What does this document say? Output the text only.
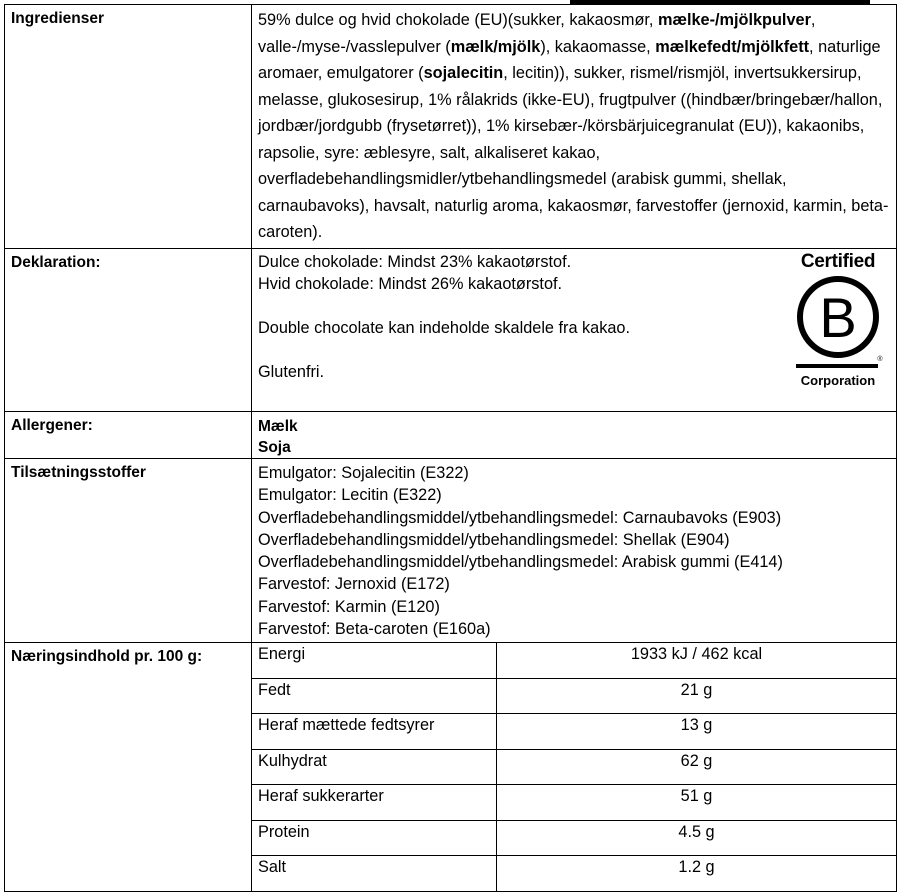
Ingredienser	59% dulce og hvid chokolade (EU)(sukker, kakaosmør, mælke-/mjölkpulver, valle-/myse-/vasslepulver (mælk/mjölk), kakaomasse, mælkefedt/mjölkfett, naturlige aromaer, emulgatorer (sojalecitin, lecitin)), sukker, rismel/rismjöl, invertsukkersirup, melasse, glukosesirup, 1% rålakrids (ikke-EU), frugtpulver ((hindbær/bringebær/hallon, jordbær/jordgubb (frysetørret)), 1% kirsebær-/körsbärjuicegranulat (EU)), kakaonibs, rapsolie, syre: æblesyre, salt, alkaliseret kakao, overfladebehandlingsmidler/ytbehandlingsmedel (arabisk gummi, shellak, carnaubavoks), havsalt, naturlig aroma, kakaosmør, farvestoffer (jernoxid, karmin, beta-caroten).
Deklaration:	Dulce chokolade: Mindst 23% kakaotørstof.

Hvid chokolade: Mindst 26% kakaotørstof.

Double chocolate kan indeholde skaldele fra kakao.

Glutenfri.

Certified
B
®
Corporation

Allergener:	Mælk
Soja

Tilsætningsstoffer	Emulgator: Sojalecitin (E322)
Emulgator: Lecitin (E322)
Overfladebehandlingsmiddel/ytbehandlingsmedel: Carnaubavoks (E903)
Overfladebehandlingsmiddel/ytbehandlingsmedel: Shellak (E904)
Overfladebehandlingsmiddel/ytbehandlingsmedel: Arabisk gummi (E414)
Farvestof: Jernoxid (E172)
Farvestof: Karmin (E120)
Farvestof: Beta-caroten (E160a)

Næringsindhold pr. 100 g:		Energi	1933 kJ / 462 kcal
Fedt	21 g
Heraf mættede fedtsyrer	13 g
Kulhydrat	62 g
Heraf sukkerarter	51 g
Protein	4.5 g
Salt	1.2 g
